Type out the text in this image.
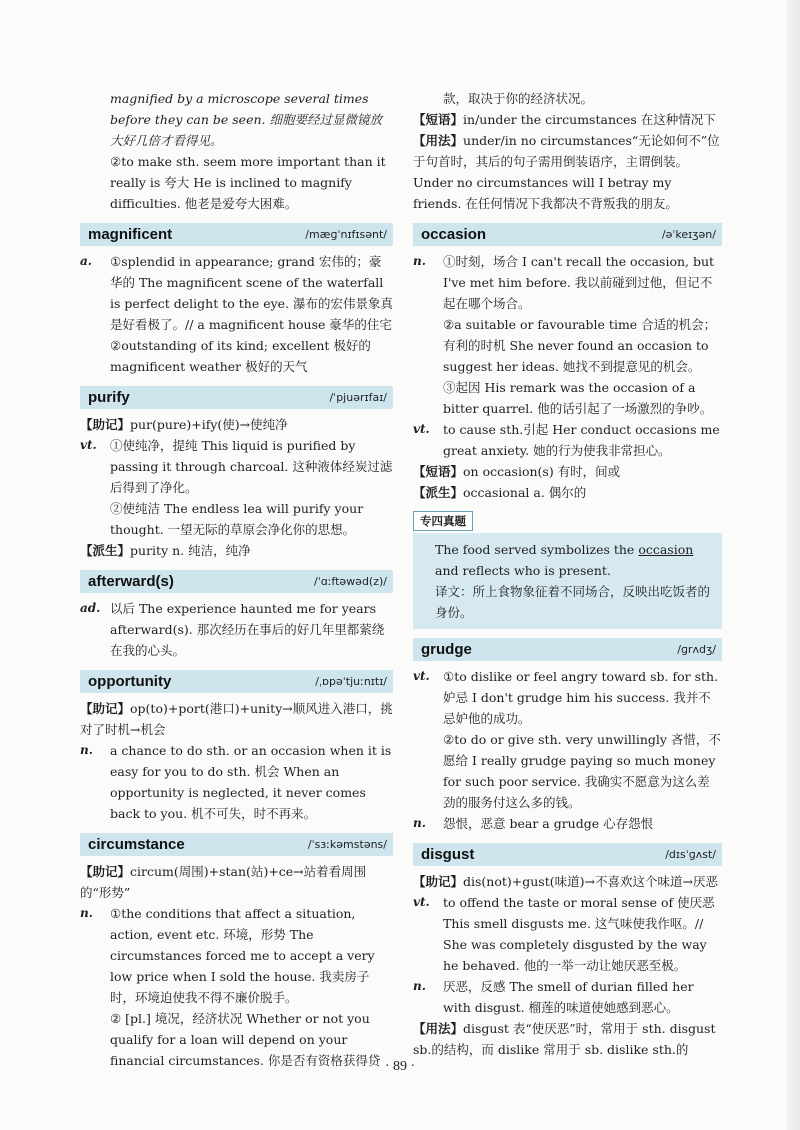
magnified by a microscope several times before they can be seen. 细胞要经过显微镜放大好几倍才看得见。

②to make sth. seem more important than it really is 夸大 He is inclined to magnify difficulties. 他老是爱夸大困难。

magnificent	/mæɡˈnɪfɪsənt/
a.	①splendid in appearance; grand 宏伟的；豪华的 The magnificent scene of the waterfall is perfect delight to the eye. 瀑布的宏伟景象真是好看极了。// a magnificent house 豪华的住宅

②outstanding of its kind; excellent 极好的 magnificent weather 极好的天气

purify	/ˈpjuərɪfaɪ/

【助记】pur(pure)+ify(使)→使纯净

vt.	①使纯净，提纯 This liquid is purified by passing it through charcoal. 这种液体经炭过滤后得到了净化。

②使纯洁 The endless lea will purify your thought. 一望无际的草原会净化你的思想。

【派生】purity n. 纯洁，纯净

afterward(s)	/ˈɑːftəwəd(z)/
ad. 以后 The experience haunted me for years afterward(s). 那次经历在事后的好几年里都萦绕在我的心头。
opportunity	/ˌɒpəˈtjuːnɪtɪ/

【助记】op(to)+port(港口)+unity→顺风进入港口，挑对了时机→机会

n.	a chance to do sth. or an occasion when it is easy for you to do sth. 机会 When an opportunity is neglected, it never comes back to you. 机不可失，时不再来。
circumstance	/ˈsɜːkəmstəns/

【助记】circum(周围)+stan(站)+ce→站着看周围的“形势”

n.	①the conditions that affect a situation, action, event etc. 环境，形势 The circumstances forced me to accept a very low price when I sold the house. 我卖房子时，环境迫使我不得不廉价脱手。

② [pl.] 境况，经济状况 Whether or not you qualify for a loan will depend on your financial circumstances. 你是否有资格获得贷

款，取决于你的经济状况。

【短语】in/under the circumstances 在这种情况下

【用法】under/in no circumstances“无论如何不”位于句首时，其后的句子需用倒装语序，主谓倒装。Under no circumstances will I betray my friends. 在任何情况下我都决不背叛我的朋友。

occasion	/əˈkeɪʒən/
n.	①时刻，场合 I can't recall the occasion, but I've met him before. 我以前碰到过他，但记不起在哪个场合。

②a suitable or favourable time 合适的机会；有利的时机 She never found an occasion to suggest her ideas. 她找不到提意见的机会。

③起因 His remark was the occasion of a bitter quarrel. 他的话引起了一场激烈的争吵。

vt.	to cause sth.引起 Her conduct occasions me great anxiety. 她的行为使我非常担心。

【短语】on occasion(s) 有时，间或

【派生】occasional a. 偶尔的

专四真题

The food served symbolizes the occasion and reflects who is present.

译文：所上食物象征着不同场合，反映出吃饭者的身份。

grudge	/ɡrʌdʒ/
vt.	①to dislike or feel angry toward sb. for sth. 妒忌 I don't grudge him his success. 我并不忌妒他的成功。

②to do or give sth. very unwillingly 吝惜，不愿给 I really grudge paying so much money for such poor service. 我确实不愿意为这么差劲的服务付这么多的钱。

n.	怨恨，恶意 bear a grudge 心存怨恨
disgust	/dɪsˈɡʌst/

【助记】dis(not)+gust(味道)→不喜欢这个味道→厌恶

vt.	to offend the taste or moral sense of 使厌恶 This smell disgusts me. 这气味使我作呕。// She was completely disgusted by the way he behaved. 他的一举一动让她厌恶至极。
n.	厌恶，反感 The smell of durian filled her with disgust. 榴莲的味道使她感到恶心。

【用法】disgust 表“使厌恶”时，常用于 sth. disgust sb.的结构，而 dislike 常用于 sb. dislike sth.的

· 89 ·
